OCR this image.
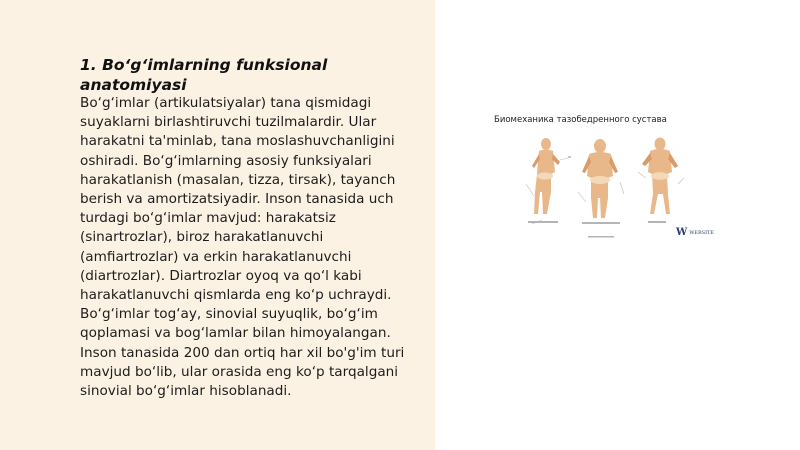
1. Bo‘g‘imlarning funksional anatomiyasi

Bo‘g‘imlar (artikulatsiyalar) tana qismidagi suyaklarni birlashtiruvchi tuzilmalardir. Ular harakatni ta'minlab, tana moslashuvchanligini oshiradi. Bo‘g‘imlarning asosiy funksiyalari harakatlanish (masalan, tizza, tirsak), tayanch berish va amortizatsiyadir. Inson tanasida uch turdagi bo‘g‘imlar mavjud: harakatsiz (sinartrozlar), biroz harakatlanuvchi (amfiartrozlar) va erkin harakatlanuvchi (diartrozlar). Diartrozlar oyoq va qo‘l kabi harakatlanuvchi qismlarda eng ko‘p uchraydi. Bo‘g‘imlar tog‘ay, sinovial suyuqlik, bo‘g‘im qoplamasi va bog‘lamlar bilan himoyalangan. Inson tanasida 200 dan ortiq har xil bo'g'im turi mavjud bo‘lib, ular orasida eng ko‘p tarqalgani sinovial bo‘g‘imlar hisoblanadi.

Биомеханика тазобедренного сустава

W WEBSITE
